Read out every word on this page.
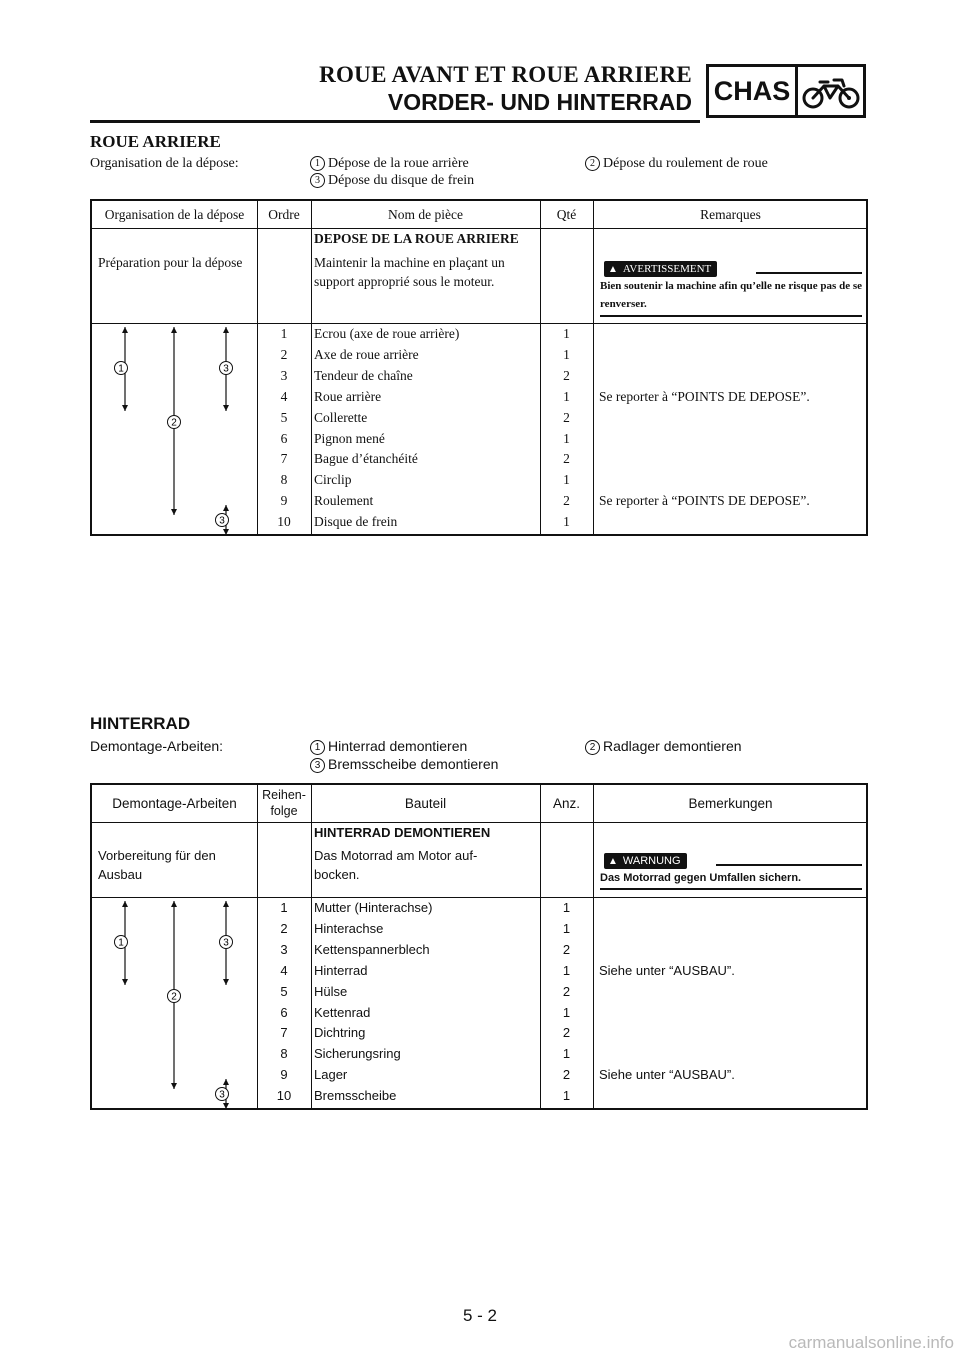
ROUE AVANT ET ROUE ARRIERE
VORDER- UND HINTERRAD CHAS
ROUE ARRIERE
Organisation de la dépose:	1 Dépose de la roue arrière	2 Dépose du roulement de roue
3 Dépose du disque de frein
Organisation de la dépose	Ordre	Nom de pièce	Qté	Remarques
DEPOSE DE LA ROUE ARRIERE
Préparation pour la dépose	Maintenir la machine en plaçant un support approprié sous le moteur.
▲ AVERTISSEMENT
Bien soutenir la machine afin qu’elle ne risque pas de se renverser.
1	Ecrou (axe de roue arrière)	1
2	Axe de roue arrière	1
3	Tendeur de chaîne	2
4	Roue arrière	1	Se reporter à “POINTS DE DEPOSE”.
5	Collerette	2
6	Pignon mené	1
7	Bague d’étanchéité	2
8	Circlip	1
9	Roulement	2	Se reporter à “POINTS DE DEPOSE”.
10	Disque de frein	1
1
2
3
3
HINTERRAD
Demontage-Arbeiten:	1 Hinterrad demontieren	2 Radlager demontieren
3 Bremsscheibe demontieren
Demontage-Arbeiten
Reihen-
folge	Bauteil	Anz.	Bemerkungen
HINTERRAD DEMONTIEREN
Vorbereitung für den Ausbau
Das Motorrad am Motor auf-
bocken.
▲ WARNUNG
Das Motorrad gegen Umfallen sichern.
1	Mutter (Hinterachse)	1
2	Hinterachse	1
3	Kettenspannerblech	2
4	Hinterrad	1	Siehe unter “AUSBAU”.
5	Hülse	2
6	Kettenrad	1
7	Dichtring	2
8	Sicherungsring	1
9	Lager	2	Siehe unter “AUSBAU”.
10	Bremsscheibe	1
1
2
3
3
5 - 2
carmanualsonline.info
